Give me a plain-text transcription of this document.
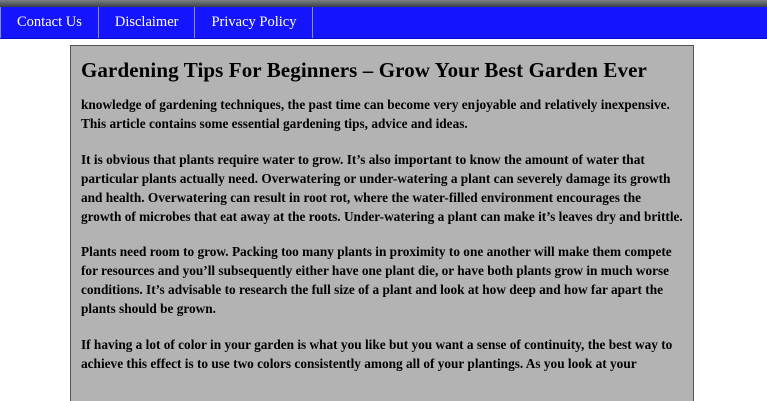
Contact Us	Disclaimer	Privacy Policy
Gardening Tips For Beginners – Grow Your Best Garden Ever

knowledge of gardening techniques, the past time can become very enjoyable and relatively inexpensive. This article contains some essential gardening tips, advice and ideas.

It is obvious that plants require water to grow. It’s also important to know the amount of water that particular plants actually need. Overwatering or under-watering a plant can severely damage its growth and health. Overwatering can result in root rot, where the water-filled environment encourages the growth of microbes that eat away at the roots. Under-watering a plant can make it’s leaves dry and brittle.

Plants need room to grow. Packing too many plants in proximity to one another will make them compete for resources and you’ll subsequently either have one plant die, or have both plants grow in much worse conditions. It’s advisable to research the full size of a plant and look at how deep and how far apart the plants should be grown.

If having a lot of color in your garden is what you like but you want a sense of continuity, the best way to achieve this effect is to use two colors consistently among all of your plantings. As you look at your
